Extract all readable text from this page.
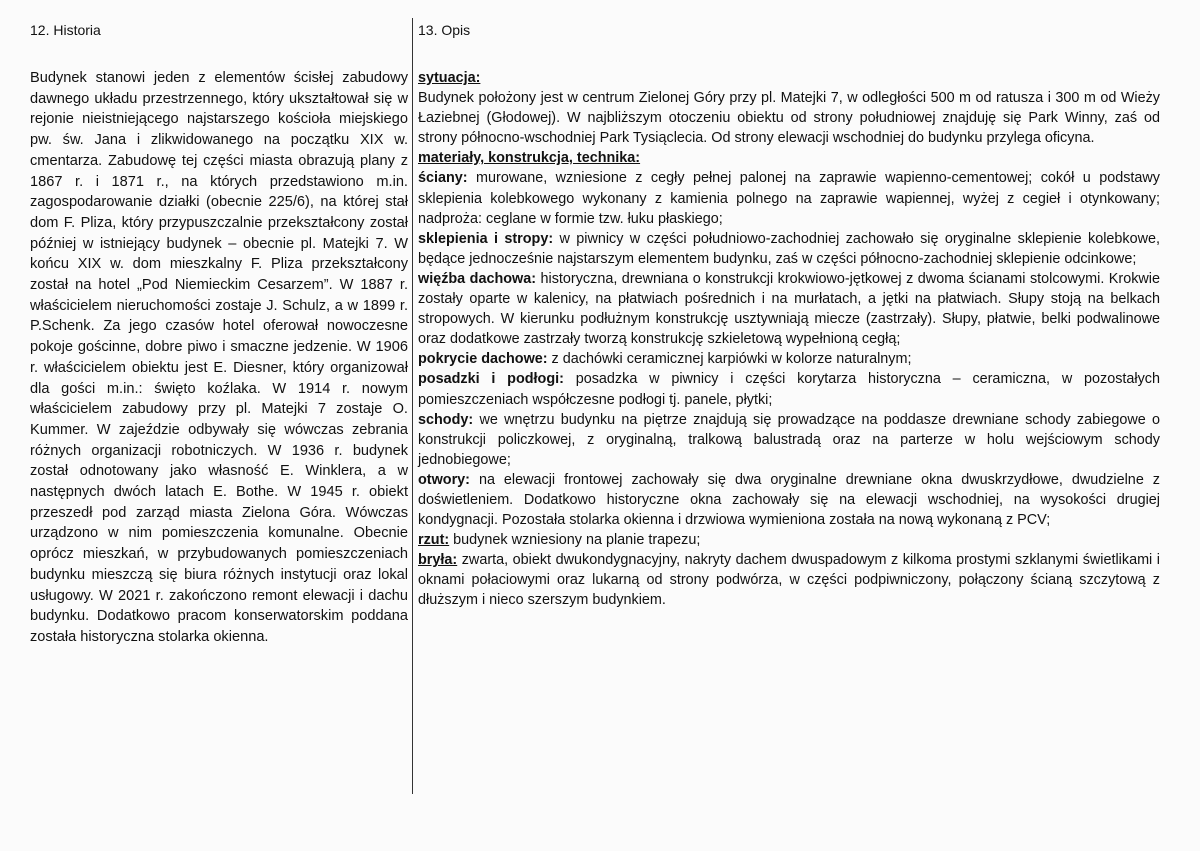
12. Historia

Budynek stanowi jeden z elementów ścisłej zabudowy dawnego układu przestrzennego, który ukształtował się w rejonie nieistniejącego najstarszego kościoła miejskiego pw. św. Jana i zlikwidowanego na początku XIX w. cmentarza. Zabudowę tej części miasta obrazują plany z 1867 r. i 1871 r., na których przedstawiono m.in. zagospodarowanie działki (obecnie 225/6), na której stał dom F. Pliza, który przypuszczalnie przekształcony został później w istniejący budynek – obecnie pl. Matejki 7. W końcu XIX w. dom mieszkalny F. Pliza przekształcony został na hotel „Pod Niemieckim Cesarzem”. W 1887 r. właścicielem nieruchomości zostaje J. Schulz, a w 1899 r. P.Schenk. Za jego czasów hotel oferował nowoczesne pokoje gościnne, dobre piwo i smaczne jedzenie. W 1906 r. właścicielem obiektu jest E. Diesner, który organizował dla gości m.in.: święto koźlaka. W 1914 r. nowym właścicielem zabudowy przy pl. Matejki 7 zostaje O. Kummer. W zajeździe odbywały się wówczas zebrania różnych organizacji robotniczych. W 1936 r. budynek został odnotowany jako własność E. Winklera, a w następnych dwóch latach E. Bothe. W 1945 r. obiekt przeszedł pod zarząd miasta Zielona Góra. Wówczas urządzono w nim pomieszczenia komunalne. Obecnie oprócz mieszkań, w przybudowanych pomieszczeniach budynku mieszczą się biura różnych instytucji oraz lokal usługowy. W 2021 r. zakończono remont elewacji i dachu budynku. Dodatkowo pracom konserwatorskim poddana została historyczna stolarka okienna.

13. Opis
sytuacja:

Budynek położony jest w centrum Zielonej Góry przy pl. Matejki 7, w odległości 500 m od ratusza i 300 m od Wieży Łaziebnej (Głodowej). W najbliższym otoczeniu obiektu od strony południowej znajduję się Park Winny, zaś od strony północno-wschodniej Park Tysiąclecia. Od strony elewacji wschodniej do budynku przylega oficyna.

materiały, konstrukcja, technika:

ściany: murowane, wzniesione z cegły pełnej palonej na zaprawie wapienno-cementowej; cokół u podstawy sklepienia kolebkowego wykonany z kamienia polnego na zaprawie wapiennej, wyżej z cegieł i otynkowany; nadproża: ceglane w formie tzw. łuku płaskiego;

sklepienia i stropy: w piwnicy w części południowo-zachodniej zachowało się oryginalne sklepienie kolebkowe, będące jednocześnie najstarszym elementem budynku, zaś w części północno-zachodniej sklepienie odcinkowe;

więźba dachowa: historyczna, drewniana o konstrukcji krokwiowo-jętkowej z dwoma ścianami stolcowymi. Krokwie zostały oparte w kalenicy, na płatwiach pośrednich i na murłatach, a jętki na płatwiach. Słupy stoją na belkach stropowych. W kierunku podłużnym konstrukcję usztywniają miecze (zastrzały). Słupy, płatwie, belki podwalinowe oraz dodatkowe zastrzały tworzą konstrukcję szkieletową wypełnioną cegłą;

pokrycie dachowe: z dachówki ceramicznej karpiówki w kolorze naturalnym;

posadzki i podłogi: posadzka w piwnicy i części korytarza historyczna – ceramiczna, w pozostałych pomieszczeniach współczesne podłogi tj. panele, płytki;

schody: we wnętrzu budynku na piętrze znajdują się prowadzące na poddasze drewniane schody zabiegowe o konstrukcji policzkowej, z oryginalną, tralkową balustradą oraz na parterze w holu wejściowym schody jednobiegowe;

otwory: na elewacji frontowej zachowały się dwa oryginalne drewniane okna dwuskrzydłowe, dwudzielne z doświetleniem. Dodatkowo historyczne okna zachowały się na elewacji wschodniej, na wysokości drugiej kondygnacji. Pozostała stolarka okienna i drzwiowa wymieniona została na nową wykonaną z PCV;

rzut: budynek wzniesiony na planie trapezu;

bryła: zwarta, obiekt dwukondygnacyjny, nakryty dachem dwuspadowym z kilkoma prostymi szklanymi świetlikami i oknami połaciowymi oraz lukarną od strony podwórza, w części podpiwniczony, połączony ścianą szczytową z dłuższym i nieco szerszym budynkiem.
